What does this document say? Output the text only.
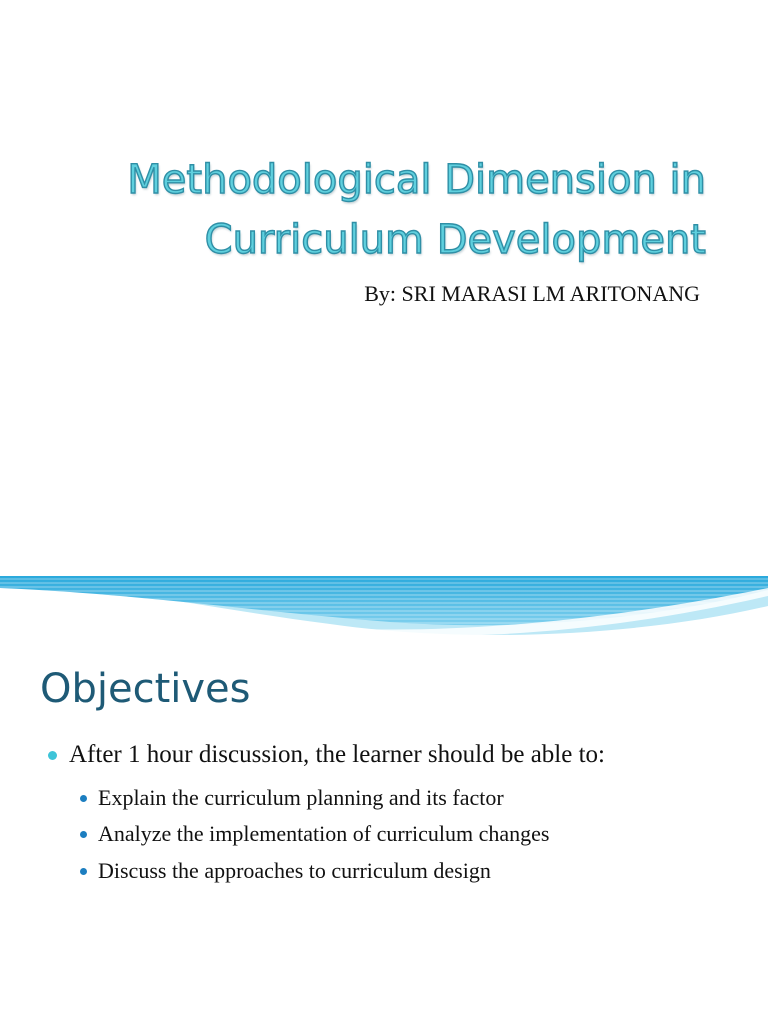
Methodological Dimension in
Curriculum Development

By: SRI MARASI LM ARITONANG

Objectives
After 1 hour discussion, the learner should be able to:
Explain the curriculum planning and its factor
Analyze the implementation of curriculum changes
Discuss the approaches to curriculum design
